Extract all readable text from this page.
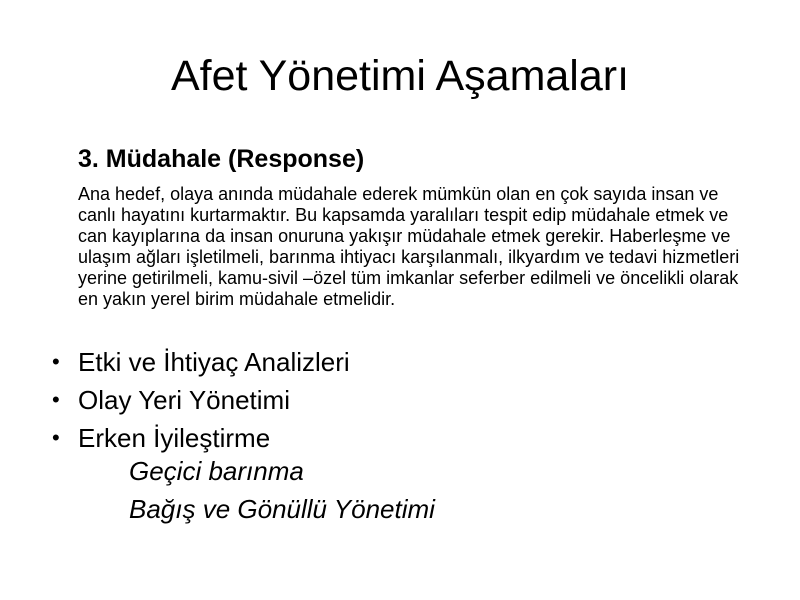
Afet Yönetimi Aşamaları
3. Müdahale (Response)

Ana hedef, olaya anında müdahale ederek mümkün olan en çok sayıda insan ve canlı hayatını kurtarmaktır. Bu kapsamda yaralıları tespit edip müdahale etmek ve can kayıplarına da insan onuruna yakışır müdahale etmek gerekir. Haberleşme ve ulaşım ağları işletilmeli, barınma ihtiyacı karşılanmalı, ilkyardım ve tedavi hizmetleri yerine getirilmeli, kamu-sivil –özel tüm imkanlar seferber edilmeli ve öncelikli olarak en yakın yerel birim müdahale etmelidir.

• Etki ve İhtiyaç Analizleri
• Olay Yeri Yönetimi
• Erken İyileştirme
Geçici barınma
Bağış ve Gönüllü Yönetimi
